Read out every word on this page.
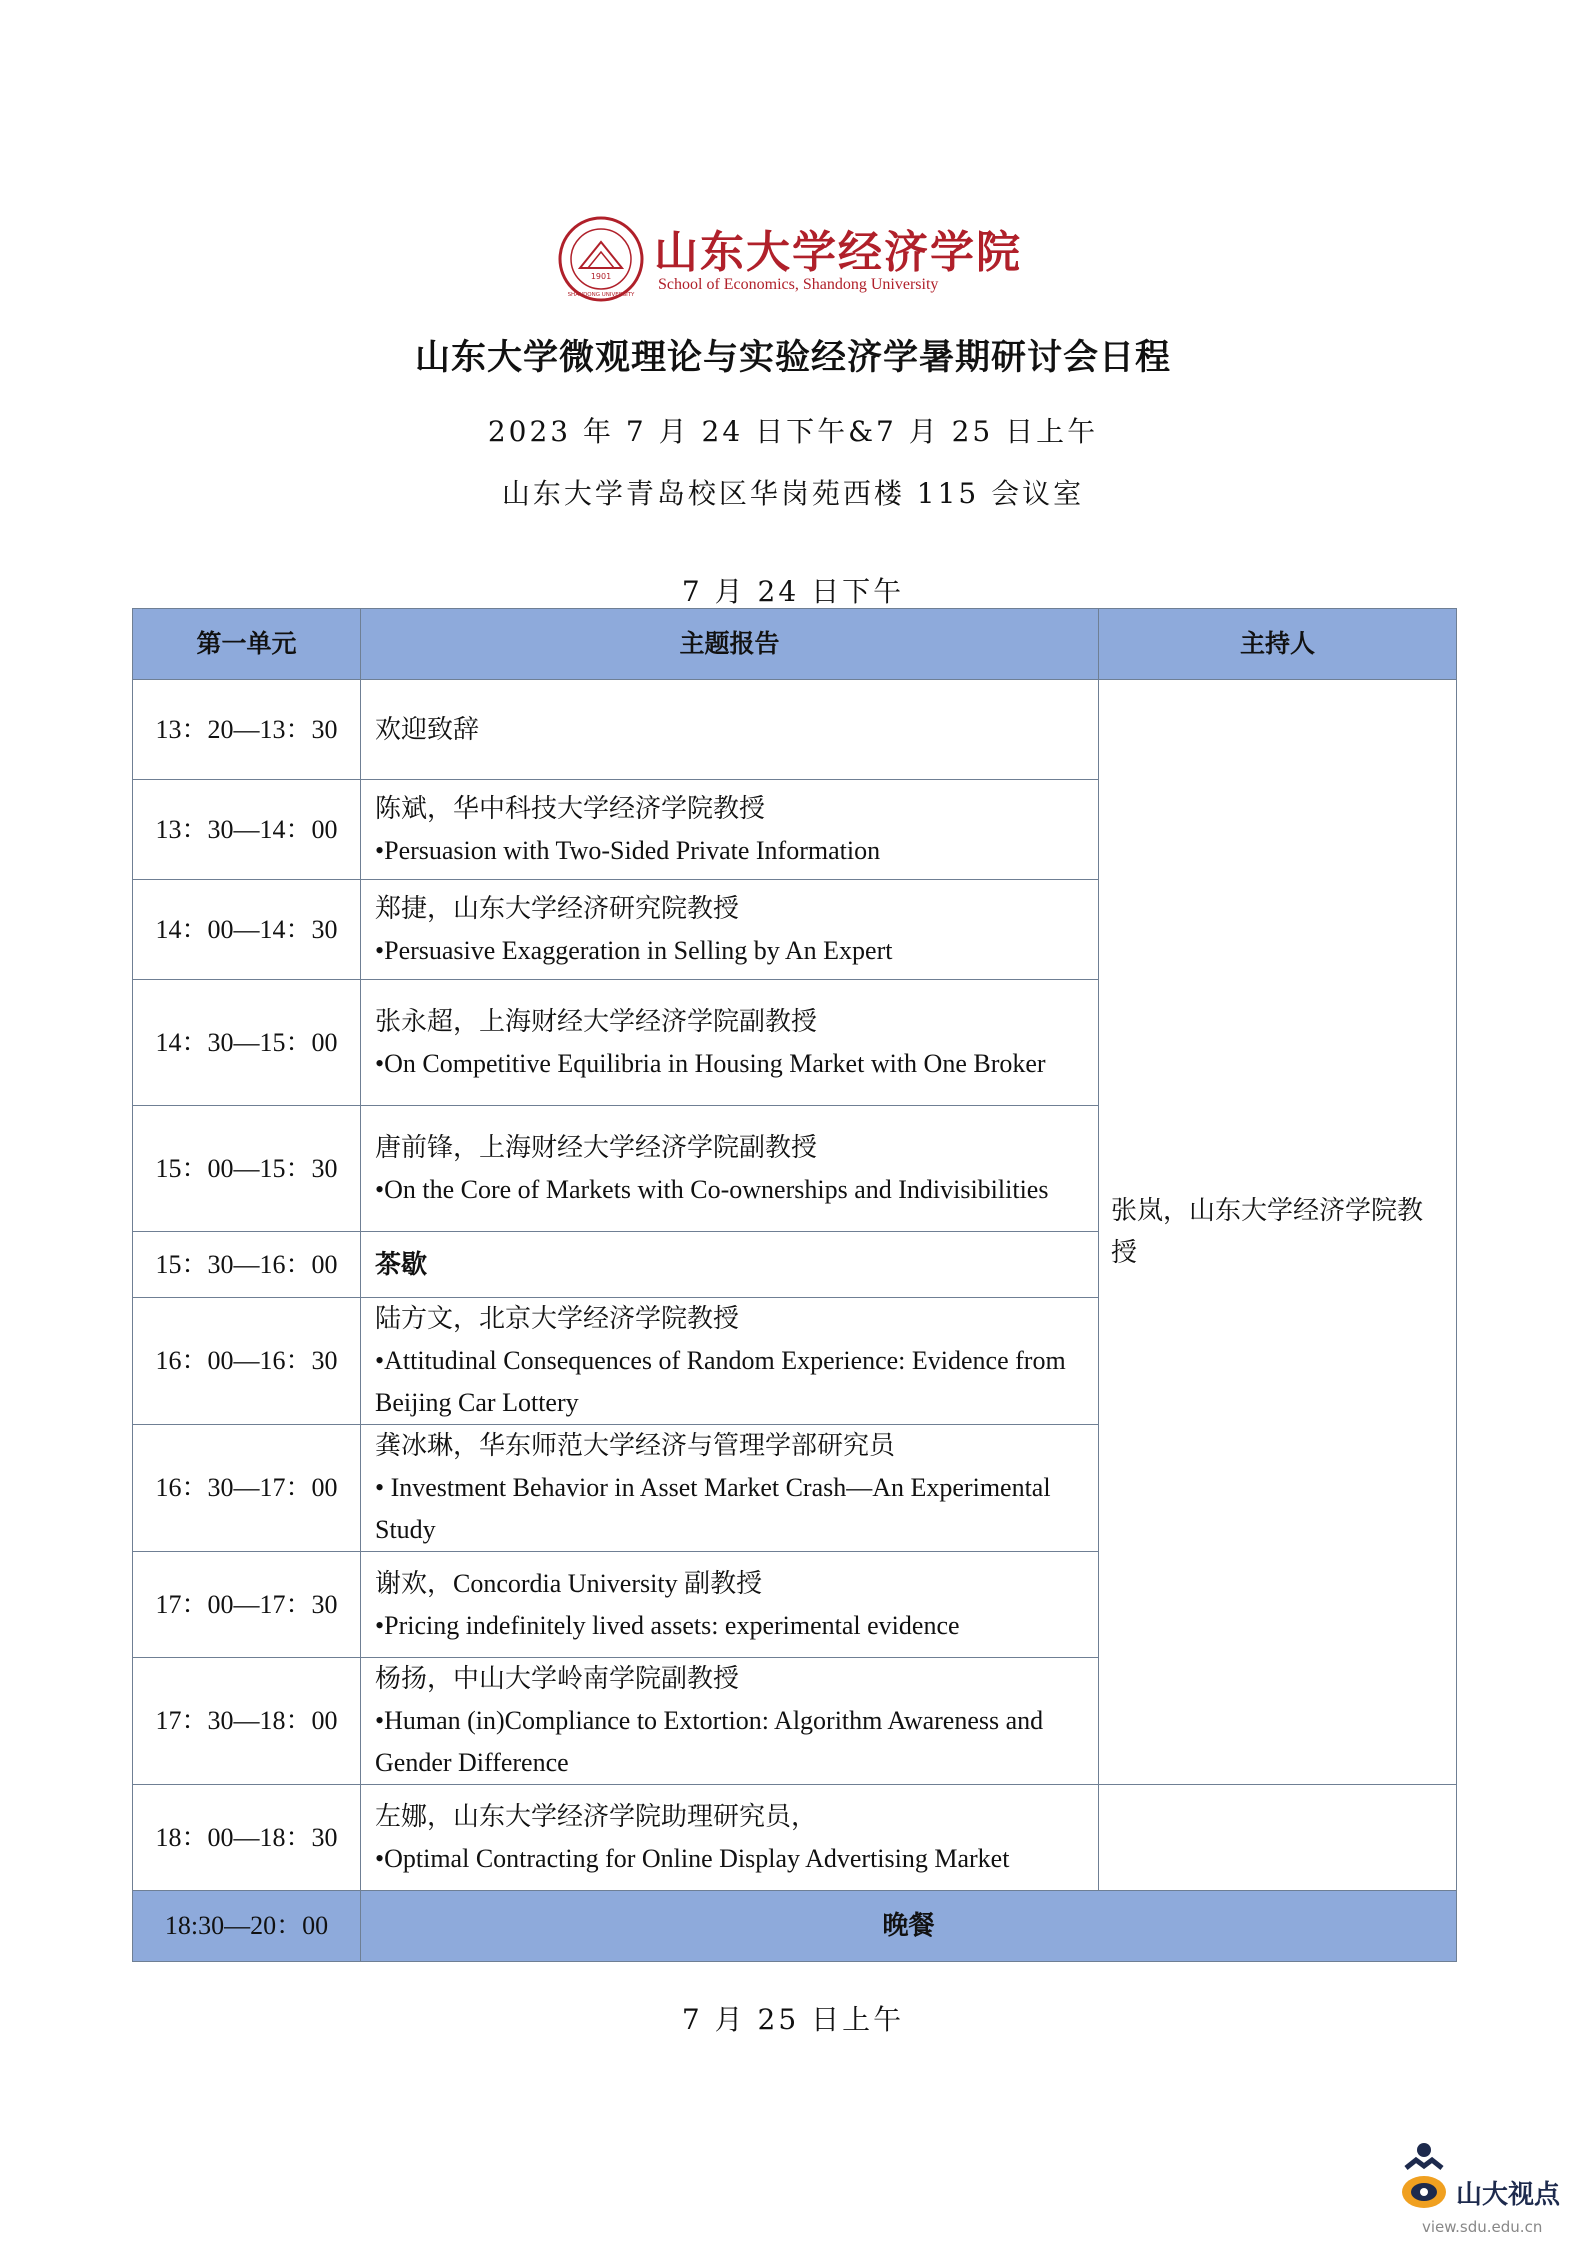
1901
SHANDONG UNIVERSITY
山东大学经济学院
School of Economics, Shandong University
山东大学微观理论与实验经济学暑期研讨会日程
2023 年 7 月 24 日下午&7 月 25 日上午
山东大学青岛校区华岗苑西楼 115 会议室
7 月 24 日下午
第一单元	主题报告	主持人
13：20—13：30	欢迎致辞	张岚，山东大学经济学院教授
13：30—14：00	陈斌，华中科技大学经济学院教授
•Persuasion with Two-Sided Private Information	

14：00—14：30	郑捷，山东大学经济研究院教授
•Persuasive Exaggeration in Selling by An Expert	

14：30—15：00	张永超，上海财经大学经济学院副教授
•On Competitive Equilibria in Housing Market with One Broker	

15：00—15：30	唐前锋，上海财经大学经济学院副教授
•On the Core of Markets with Co-ownerships and Indivisibilities	

15：30—16：00	茶歇	

16：00—16：30	陆方文，北京大学经济学院教授
•Attitudinal Consequences of Random Experience: Evidence from Beijing Car Lottery	

16：30—17：00	龚冰琳，华东师范大学经济与管理学部研究员
• Investment Behavior in Asset Market Crash—An Experimental Study	

17：00—17：30	谢欢，Concordia University 副教授
•Pricing indefinitely lived assets: experimental evidence	

17：30—18：00	杨扬，中山大学岭南学院副教授
•Human (in)Compliance to Extortion: Algorithm Awareness and Gender Difference	

18：00—18：30	左娜，山东大学经济学院助理研究员，
•Optimal Contracting for Online Display Advertising Market	

18:30—20：00	晚餐	
7 月 25 日上午
山大视点
view.sdu.edu.cn
